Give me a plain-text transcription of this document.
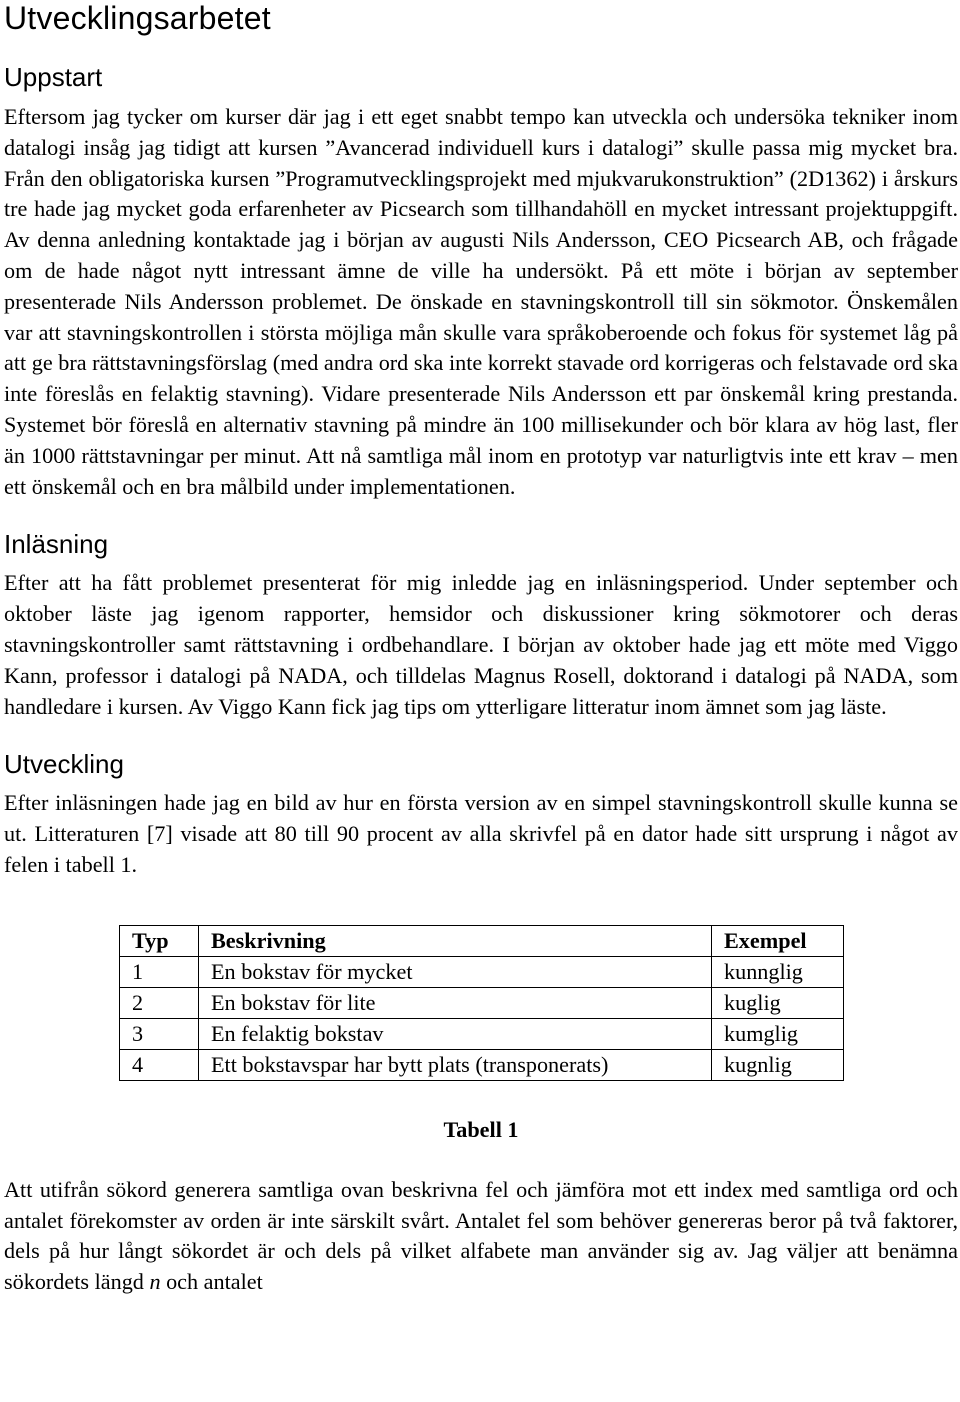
Utvecklingsarbetet
Uppstart

Eftersom jag tycker om kurser där jag i ett eget snabbt tempo kan utveckla och undersöka tekniker inom datalogi insåg jag tidigt att kursen ”Avancerad individuell kurs i datalogi” skulle passa mig mycket bra. Från den obligatoriska kursen ”Programutvecklingsprojekt med mjukvarukonstruktion” (2D1362) i årskurs tre hade jag mycket goda erfarenheter av Picsearch som tillhandahöll en mycket intressant projektuppgift. Av denna anledning kontaktade jag i början av augusti Nils Andersson, CEO Picsearch AB, och frågade om de hade något nytt intressant ämne de ville ha undersökt. På ett möte i början av september presenterade Nils Andersson problemet. De önskade en stavningskontroll till sin sökmotor. Önskemålen var att stavningskontrollen i största möjliga mån skulle vara språkoberoende och fokus för systemet låg på att ge bra rättstavningsförslag (med andra ord ska inte korrekt stavade ord korrigeras och felstavade ord ska inte föreslås en felaktig stavning). Vidare presenterade Nils Andersson ett par önskemål kring prestanda. Systemet bör föreslå en alternativ stavning på mindre än 100 millisekunder och bör klara av hög last, fler än 1000 rättstavningar per minut. Att nå samtliga mål inom en prototyp var naturligtvis inte ett krav – men ett önskemål och en bra målbild under implementationen.

Inläsning

Efter att ha fått problemet presenterat för mig inledde jag en inläsningsperiod. Under september och oktober läste jag igenom rapporter, hemsidor och diskussioner kring sökmotorer och deras stavningskontroller samt rättstavning i ordbehandlare. I början av oktober hade jag ett möte med Viggo Kann, professor i datalogi på NADA, och tilldelas Magnus Rosell, doktorand i datalogi på NADA, som handledare i kursen. Av Viggo Kann fick jag tips om ytterligare litteratur inom ämnet som jag läste.

Utveckling

Efter inläsningen hade jag en bild av hur en första version av en simpel stavningskontroll skulle kunna se ut. Litteraturen [7] visade att 80 till 90 procent av alla skrivfel på en dator hade sitt ursprung i något av felen i tabell 1.

Typ	Beskrivning	Exempel
1	En bokstav för mycket	kunnglig
2	En bokstav för lite	kuglig
3	En felaktig bokstav	kumglig
4	Ett bokstavspar har bytt plats (transponerats)	kugnlig
Tabell 1

Att utifrån sökord generera samtliga ovan beskrivna fel och jämföra mot ett index med samtliga ord och antalet förekomster av orden är inte särskilt svårt. Antalet fel som behöver genereras beror på två faktorer, dels på hur långt sökordet är och dels på vilket alfabete man använder sig av. Jag väljer att benämna sökordets längd n och antalet
